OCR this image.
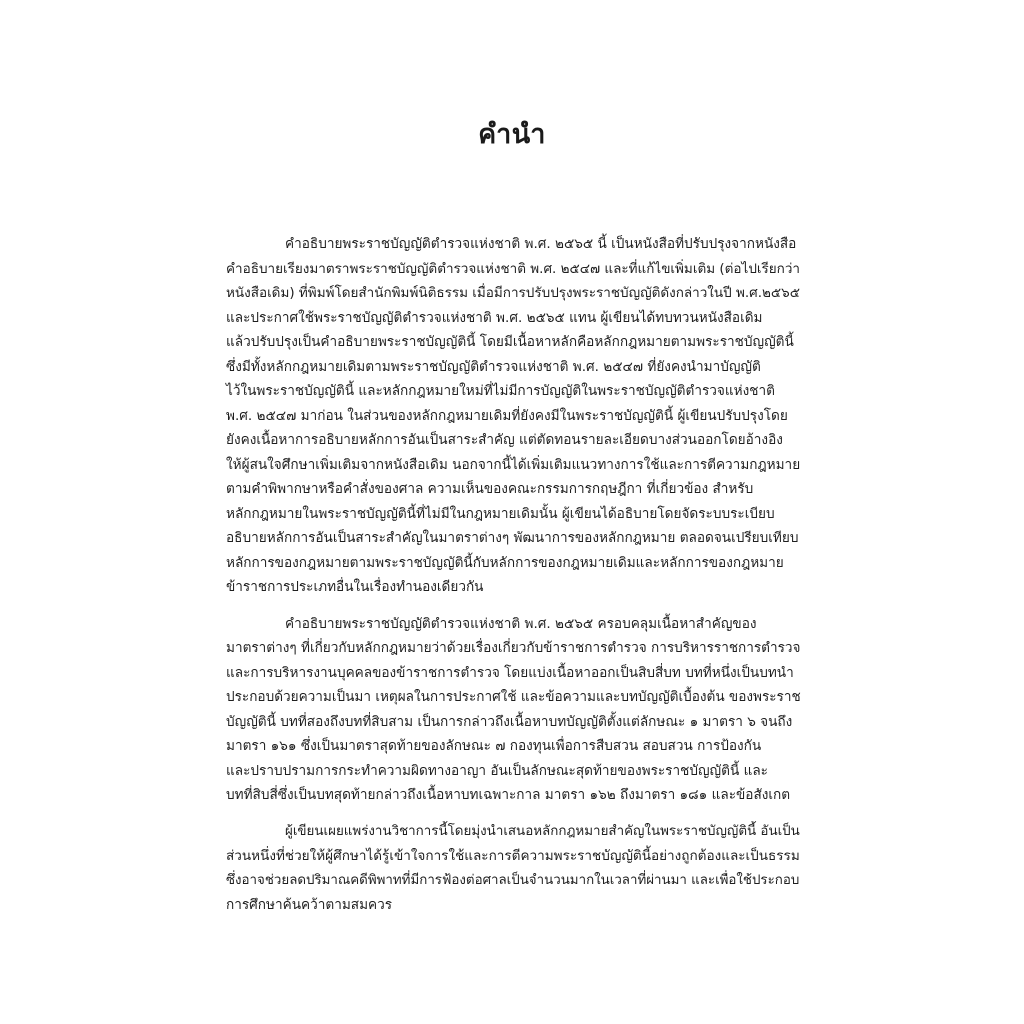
คำนำ
คำอธิบายพระราชบัญญัติตำรวจแห่งชาติ พ.ศ. ๒๕๖๕ นี้ เป็นหนังสือที่ปรับปรุงจากหนังสือ
คำอธิบายเรียงมาตราพระราชบัญญัติตำรวจแห่งชาติ พ.ศ. ๒๕๔๗ และที่แก้ไขเพิ่มเติม (ต่อไปเรียกว่า
หนังสือเดิม) ที่พิมพ์โดยสำนักพิมพ์นิติธรรม เมื่อมีการปรับปรุงพระราชบัญญัติดังกล่าวในปี พ.ศ.๒๕๖๕
และประกาศใช้พระราชบัญญัติตำรวจแห่งชาติ พ.ศ. ๒๕๖๕ แทน ผู้เขียนได้ทบทวนหนังสือเดิม
แล้วปรับปรุงเป็นคำอธิบายพระราชบัญญัตินี้ โดยมีเนื้อหาหลักคือหลักกฎหมายตามพระราชบัญญัตินี้
ซึ่งมีทั้งหลักกฎหมายเดิมตามพระราชบัญญัติตำรวจแห่งชาติ พ.ศ. ๒๕๔๗ ที่ยังคงนำมาบัญญัติ
ไว้ในพระราชบัญญัตินี้ และหลักกฎหมายใหม่ที่ไม่มีการบัญญัติในพระราชบัญญัติตำรวจแห่งชาติ
พ.ศ. ๒๕๔๗ มาก่อน ในส่วนของหลักกฎหมายเดิมที่ยังคงมีในพระราชบัญญัตินี้ ผู้เขียนปรับปรุงโดย
ยังคงเนื้อหาการอธิบายหลักการอันเป็นสาระสำคัญ แต่ตัดทอนรายละเอียดบางส่วนออกโดยอ้างอิง
ให้ผู้สนใจศึกษาเพิ่มเติมจากหนังสือเดิม นอกจากนี้ได้เพิ่มเติมแนวทางการใช้และการตีความกฎหมาย
ตามคำพิพากษาหรือคำสั่งของศาล ความเห็นของคณะกรรมการกฤษฎีกา ที่เกี่ยวข้อง สำหรับ
หลักกฎหมายในพระราชบัญญัตินี้ที่ไม่มีในกฎหมายเดิมนั้น ผู้เขียนได้อธิบายโดยจัดระบบระเบียบ
อธิบายหลักการอันเป็นสาระสำคัญในมาตราต่างๆ พัฒนาการของหลักกฎหมาย ตลอดจนเปรียบเทียบ
หลักการของกฎหมายตามพระราชบัญญัตินี้กับหลักการของกฎหมายเดิมและหลักการของกฎหมาย
ข้าราชการประเภทอื่นในเรื่องทำนองเดียวกัน
คำอธิบายพระราชบัญญัติตำรวจแห่งชาติ พ.ศ. ๒๕๖๕ ครอบคลุมเนื้อหาสำคัญของ
มาตราต่างๆ ที่เกี่ยวกับหลักกฎหมายว่าด้วยเรื่องเกี่ยวกับข้าราชการตำรวจ การบริหารราชการตำรวจ
และการบริหารงานบุคคลของข้าราชการตำรวจ โดยแบ่งเนื้อหาออกเป็นสิบสี่บท บทที่หนึ่งเป็นบทนำ
ประกอบด้วยความเป็นมา เหตุผลในการประกาศใช้ และข้อความและบทบัญญัติเบื้องต้น ของพระราช
บัญญัตินี้ บทที่สองถึงบทที่สิบสาม เป็นการกล่าวถึงเนื้อหาบทบัญญัติตั้งแต่ลักษณะ ๑ มาตรา ๖ จนถึง
มาตรา ๑๖๑ ซึ่งเป็นมาตราสุดท้ายของลักษณะ ๗ กองทุนเพื่อการสืบสวน สอบสวน การป้องกัน
และปราบปรามการกระทำความผิดทางอาญา อันเป็นลักษณะสุดท้ายของพระราชบัญญัตินี้ และ
บทที่สิบสี่ซึ่งเป็นบทสุดท้ายกล่าวถึงเนื้อหาบทเฉพาะกาล มาตรา ๑๖๒ ถึงมาตรา ๑๘๑ และข้อสังเกต
ผู้เขียนเผยแพร่งานวิชาการนี้โดยมุ่งนำเสนอหลักกฎหมายสำคัญในพระราชบัญญัตินี้ อันเป็น
ส่วนหนึ่งที่ช่วยให้ผู้ศึกษาได้รู้เข้าใจการใช้และการตีความพระราชบัญญัตินี้อย่างถูกต้องและเป็นธรรม
ซึ่งอาจช่วยลดปริมาณคดีพิพาทที่มีการฟ้องต่อศาลเป็นจำนวนมากในเวลาที่ผ่านมา และเพื่อใช้ประกอบ
การศึกษาค้นคว้าตามสมควร
